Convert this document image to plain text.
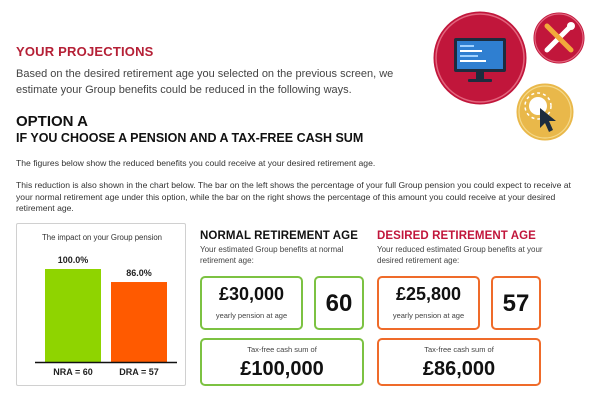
YOUR PROJECTIONS
Based on the desired retirement age you selected on the previous screen, we estimate your Group benefits could be reduced in the following ways.
OPTION A
IF YOU CHOOSE A PENSION AND A TAX-FREE CASH SUM
The figures below show the reduced benefits you could receive at your desired retirement age.
This reduction is also shown in the chart below. The bar on the left shows the percentage of your full Group pension you could expect to receive at your normal retirement age under this option, while the bar on the right shows the percentage of this amount you could receive at your desired retirement age.
The impact on your Group pension
100.0%
86.0%
NRA = 60	DRA = 57
NORMAL RETIREMENT AGE
Your estimated Group benefits at normal retirement age:
£30,000
yearly pension at age	60
Tax-free cash sum of
£100,000
DESIRED RETIREMENT AGE
Your reduced estimated Group benefits at your desired retirement age:
£25,800
yearly pension at age	57
Tax-free cash sum of
£86,000
